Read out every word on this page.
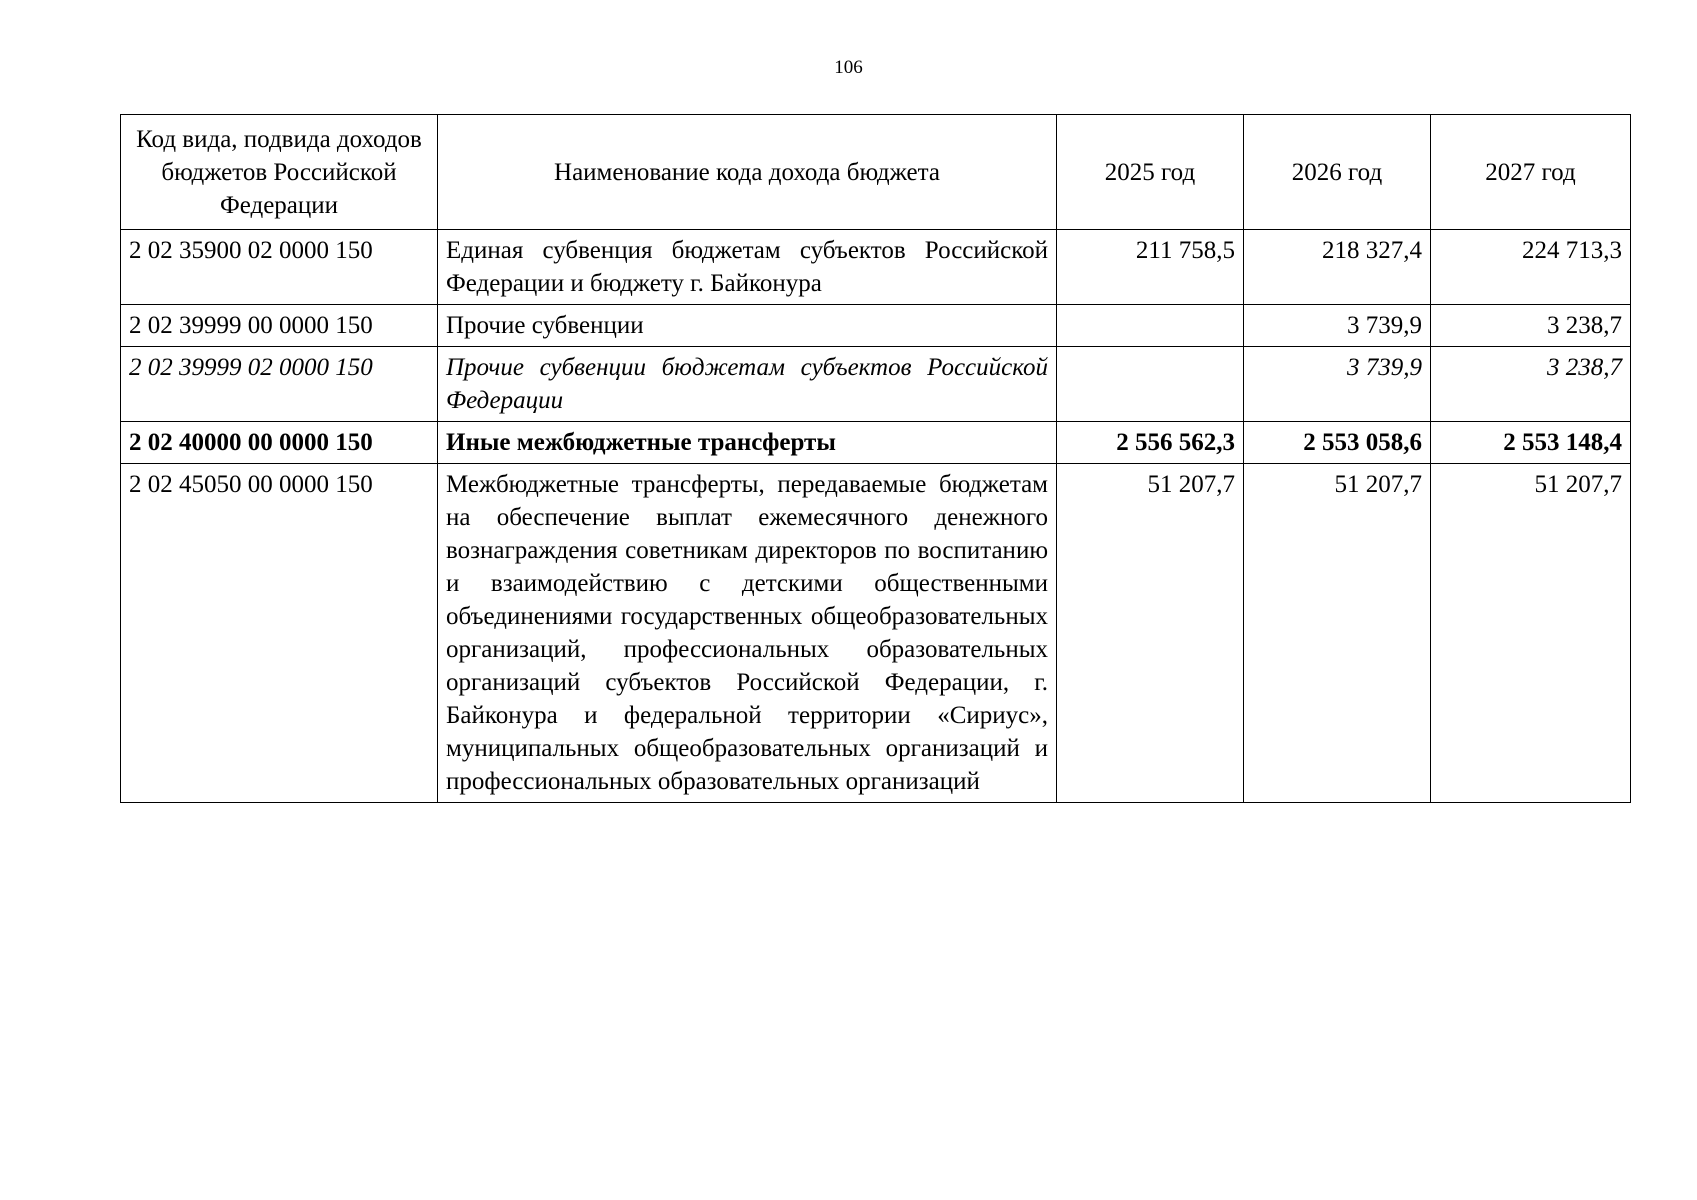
106
Код вида, подвида доходов бюджетов Российской Федерации	Наименование кода дохода бюджета	2025 год	2026 год	2027 год
2 02 35900 02 0000 150	Единая субвенция бюджетам субъектов Российской Федерации и бюджету г. Байконура	211 758,5	218 327,4	224 713,3
2 02 39999 00 0000 150	Прочие субвенции		3 739,9	3 238,7
2 02 39999 02 0000 150	Прочие субвенции бюджетам субъектов Российской Федерации		3 739,9	3 238,7
2 02 40000 00 0000 150	Иные межбюджетные трансферты	2 556 562,3	2 553 058,6	2 553 148,4
2 02 45050 00 0000 150	Межбюджетные трансферты, передаваемые бюджетам на обеспечение выплат ежемесячного денежного вознаграждения советникам директоров по воспитанию и взаимодействию с детскими общественными объединениями государственных общеобразовательных организаций, профессиональных образовательных организаций субъектов Российской Федерации, г. Байконура и федеральной территории «Сириус», муниципальных общеобразовательных организаций и профессиональных образовательных организаций	51 207,7	51 207,7	51 207,7
